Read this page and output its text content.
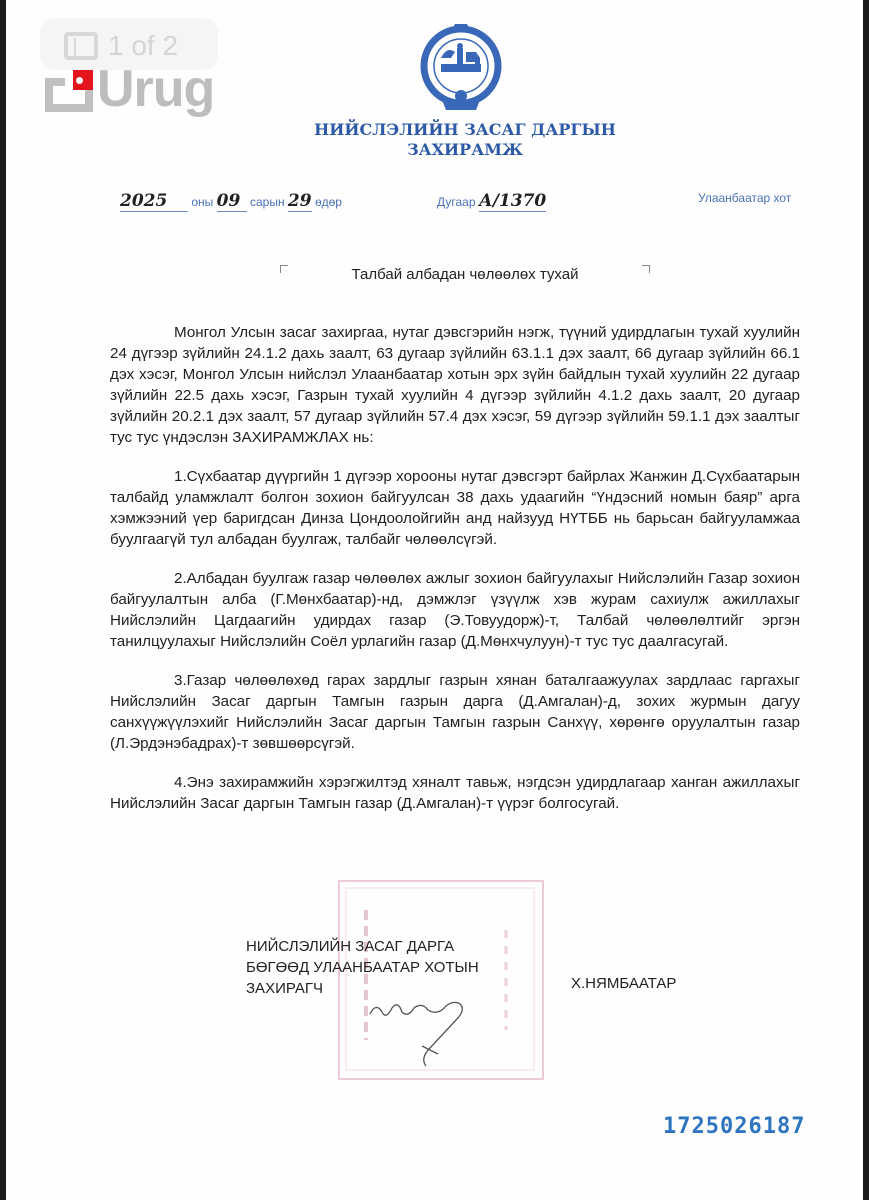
1 of 2
Urug
НИЙСЛЭЛИЙН ЗАСАГ ДАРГЫН
ЗАХИРАМЖ
2025 оны 09 сарын 29 өдөр	Дугаар А/1370	Улаанбаатар хот
Талбай албадан чөлөөлөх тухай

Монгол Улсын засаг захиргаа, нутаг дэвсгэрийн нэгж, түүний удирдлагын тухай хуулийн 24 дүгээр зүйлийн 24.1.2 дахь заалт, 63 дугаар зүйлийн 63.1.1 дэх заалт, 66 дугаар зүйлийн 66.1 дэх хэсэг, Монгол Улсын нийслэл Улаанбаатар хотын эрх зүйн байдлын тухай хуулийн 22 дугаар зүйлийн 22.5 дахь хэсэг, Газрын тухай хуулийн 4 дүгээр зүйлийн 4.1.2 дахь заалт, 20 дугаар зүйлийн 20.2.1 дэх заалт, 57 дугаар зүйлийн 57.4 дэх хэсэг, 59 дүгээр зүйлийн 59.1.1 дэх заалтыг тус тус үндэслэн ЗАХИРАМЖЛАХ нь:

1.Сүхбаатар дүүргийн 1 дүгээр хорооны нутаг дэвсгэрт байрлах Жанжин Д.Сүхбаатарын талбайд уламжлалт болгон зохион байгуулсан 38 дахь удаагийн “Үндэсний номын баяр” арга хэмжээний үер баригдсан Динза Цондоолойгийн анд найзууд НҮТББ нь барьсан байгууламжаа буулгаагүй тул албадан буулгаж, талбайг чөлөөлсүгэй.

2.Албадан буулгаж газар чөлөөлөх ажлыг зохион байгуулахыг Нийслэлийн Газар зохион байгуулалтын алба (Г.Мөнхбаатар)-нд, дэмжлэг үзүүлж хэв журам сахиулж ажиллахыг Нийслэлийн Цагдаагийн удирдах газар (Э.Товуудорж)-т, Талбай чөлөөлөлтийг эргэн танилцуулахыг Нийслэлийн Соёл урлагийн газар (Д.Мөнхчулуун)-т тус тус даалгасугай.

3.Газар чөлөөлөхөд гарах зардлыг газрын хянан баталгаажуулах зардлаас гаргахыг Нийслэлийн Засаг даргын Тамгын газрын дарга (Д.Амгалан)-д, зохих журмын дагуу санхүүжүүлэхийг Нийслэлийн Засаг даргын Тамгын газрын Санхүү, хөрөнгө оруулалтын газар (Л.Эрдэнэбадрах)-т зөвшөөрсүгэй.

4.Энэ захирамжийн хэрэгжилтэд хяналт тавьж, нэгдсэн удирдлагаар ханган ажиллахыг Нийслэлийн Засаг даргын Тамгын газар (Д.Амгалан)-т үүрэг болгосугай.

НИЙСЛЭЛИЙН ЗАСАГ ДАРГА
БӨГӨӨД УЛААНБААТАР ХОТЫН
ЗАХИРАГЧ	Х.НЯМБААТАР
1725026187
